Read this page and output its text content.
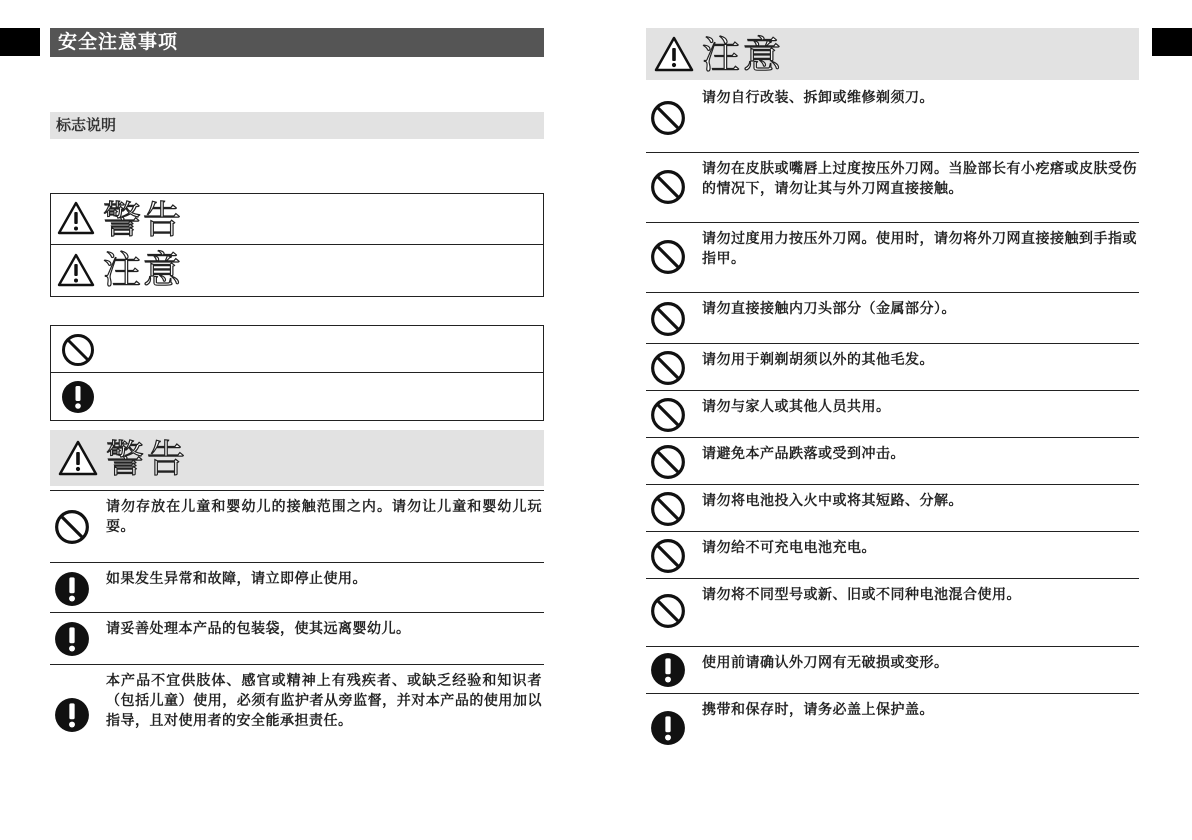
安全注意事项
标志说明
警告
注意
警告
请勿存放在儿童和婴幼儿的接触范围之内。请勿让儿童和婴幼儿玩耍。
如果发生异常和故障，请立即停止使用。
请妥善处理本产品的包装袋，使其远离婴幼儿。
本产品不宜供肢体、感官或精神上有残疾者、或缺乏经验和知识者（包括儿童）使用，必须有监护者从旁监督，并对本产品的使用加以指导，且对使用者的安全能承担责任。
注意
请勿自行改装、拆卸或维修剃须刀。
请勿在皮肤或嘴唇上过度按压外刀网。当脸部长有小疙瘩或皮肤受伤的情况下，请勿让其与外刀网直接接触。
请勿过度用力按压外刀网。使用时，请勿将外刀网直接接触到手指或指甲。
请勿直接接触内刀头部分（金属部分）。
请勿用于剃剃胡须以外的其他毛发。
请勿与家人或其他人员共用。
请避免本产品跌落或受到冲击。
请勿将电池投入火中或将其短路、分解。
请勿给不可充电电池充电。
请勿将不同型号或新、旧或不同种电池混合使用。
使用前请确认外刀网有无破损或变形。
携带和保存时，请务必盖上保护盖。
